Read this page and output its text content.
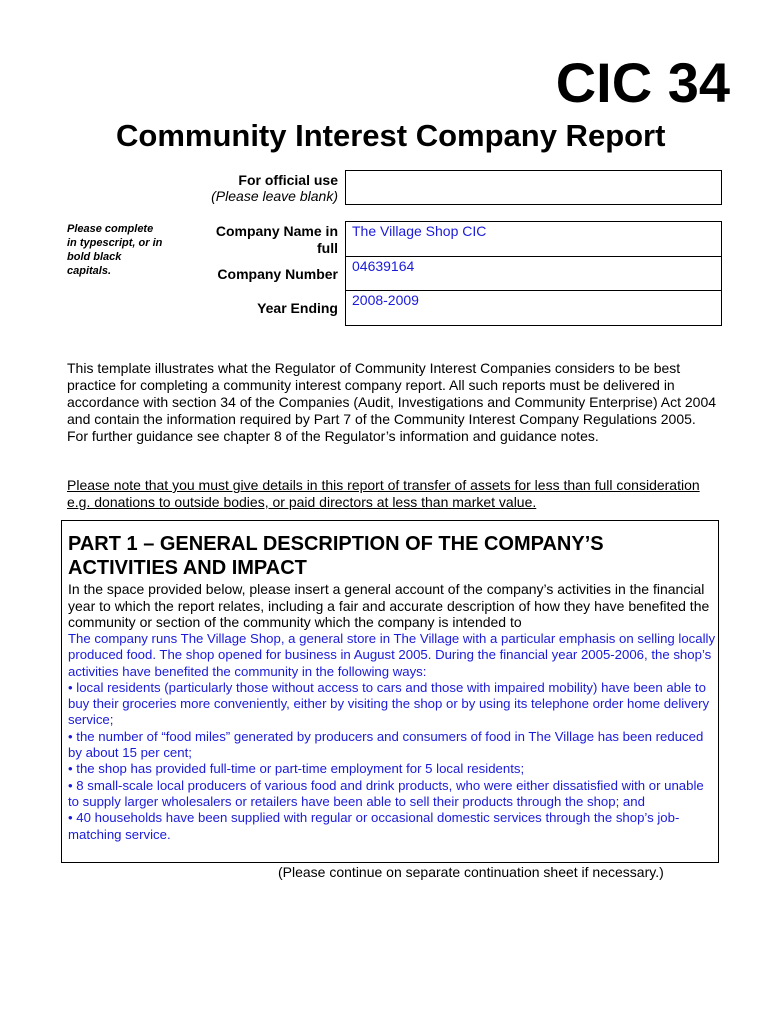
CIC 34
Community Interest Company Report
For official use
(Please leave blank)
Please complete in typescript, or in bold black capitals.
Company Name in
full
The Village Shop CIC
Company Number 04639164
Year Ending 2008-2009
This template illustrates what the Regulator of Community Interest Companies considers to be best practice for completing a community interest company report. All such reports must be delivered in accordance with section 34 of the Companies (Audit, Investigations and Community Enterprise) Act 2004 and contain the information required by Part 7 of the Community Interest Company Regulations 2005. For further guidance see chapter 8 of the Regulator’s information and guidance notes.
Please note that you must give details in this report of transfer of assets for less than full consideration e.g. donations to outside bodies, or paid directors at less than market value.
PART 1 – GENERAL DESCRIPTION OF THE COMPANY’S ACTIVITIES AND IMPACT
In the space provided below, please insert a general account of the company’s activities in the financial year to which the report relates, including a fair and accurate description of how they have benefited the community or section of the community which the company is intended to
The company runs The Village Shop, a general store in The Village with a particular emphasis on selling locally produced food. The shop opened for business in August 2005. During the financial year 2005-2006, the shop’s activities have benefited the community in the following ways:
• local residents (particularly those without access to cars and those with impaired mobility) have been able to buy their groceries more conveniently, either by visiting the shop or by using its telephone order home delivery service;
• the number of “food miles” generated by producers and consumers of food in The Village has been reduced by about 15 per cent;
• the shop has provided full-time or part-time employment for 5 local residents;
• 8 small-scale local producers of various food and drink products, who were either dissatisfied with or unable to supply larger wholesalers or retailers have been able to sell their products through the shop; and
• 40 households have been supplied with regular or occasional domestic services through the shop’s job-matching service.
(Please continue on separate continuation sheet if necessary.)
